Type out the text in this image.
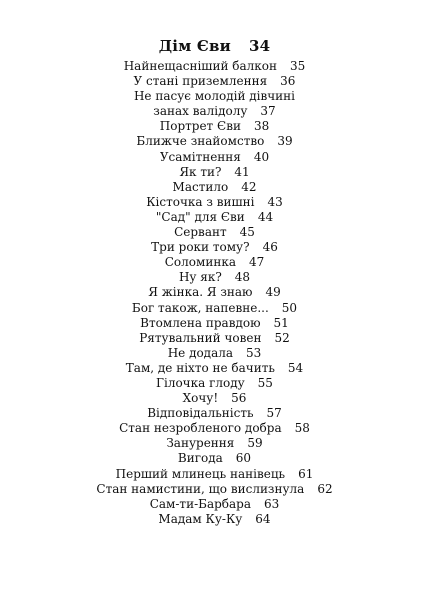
Дім Єви 34
Найнещасніший балкон 35
У стані приземлення 36
Не пасує молодій дівчині
занах валідолу 37
Портрет Єви 38
Ближче знайомство 39
Усамітнення 40
Як ти? 41
Мастило 42
Кісточка з вишні 43
"Сад" для Єви 44
Сервант 45
Три роки тому? 46
Соломинка 47
Ну як? 48
Я жінка. Я знаю 49
Бог також, напевне... 50
Втомлена правдою 51
Рятувальний човен 52
Не додала 53
Там, де ніхто не бачить 54
Гілочка глоду 55
Хочу! 56
Відповідальність 57
Стан незробленого добра 58
Занурення 59
Вигода 60
Перший млинець нанівець 61
Стан намистини, що вислизнула 62
Сам-ти-Барбара 63
Мадам Ку-Ку 64
